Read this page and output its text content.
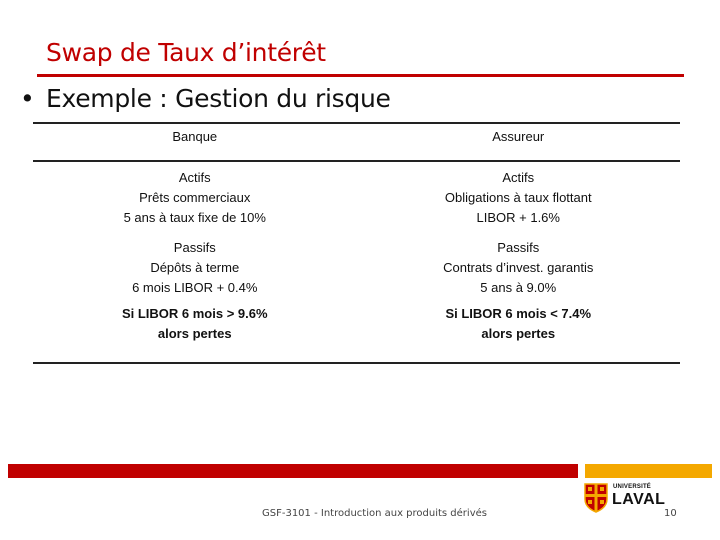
Swap de Taux d’intérêt
• Exemple : Gestion du risque
Banque	Assureur
Actifs
Prêts commerciaux
5 ans à taux fixe de 10%
Actifs
Obligations à taux flottant
LIBOR + 1.6%
Passifs
Dépôts à terme
6 mois LIBOR + 0.4%
Passifs
Contrats d’invest. garantis
5 ans à 9.0%
Si LIBOR 6 mois > 9.6%
alors pertes
Si LIBOR 6 mois < 7.4%
alors pertes
UNIVERSITÉ
LAVAL
GSF-3101 - Introduction aux produits dérivés	10
